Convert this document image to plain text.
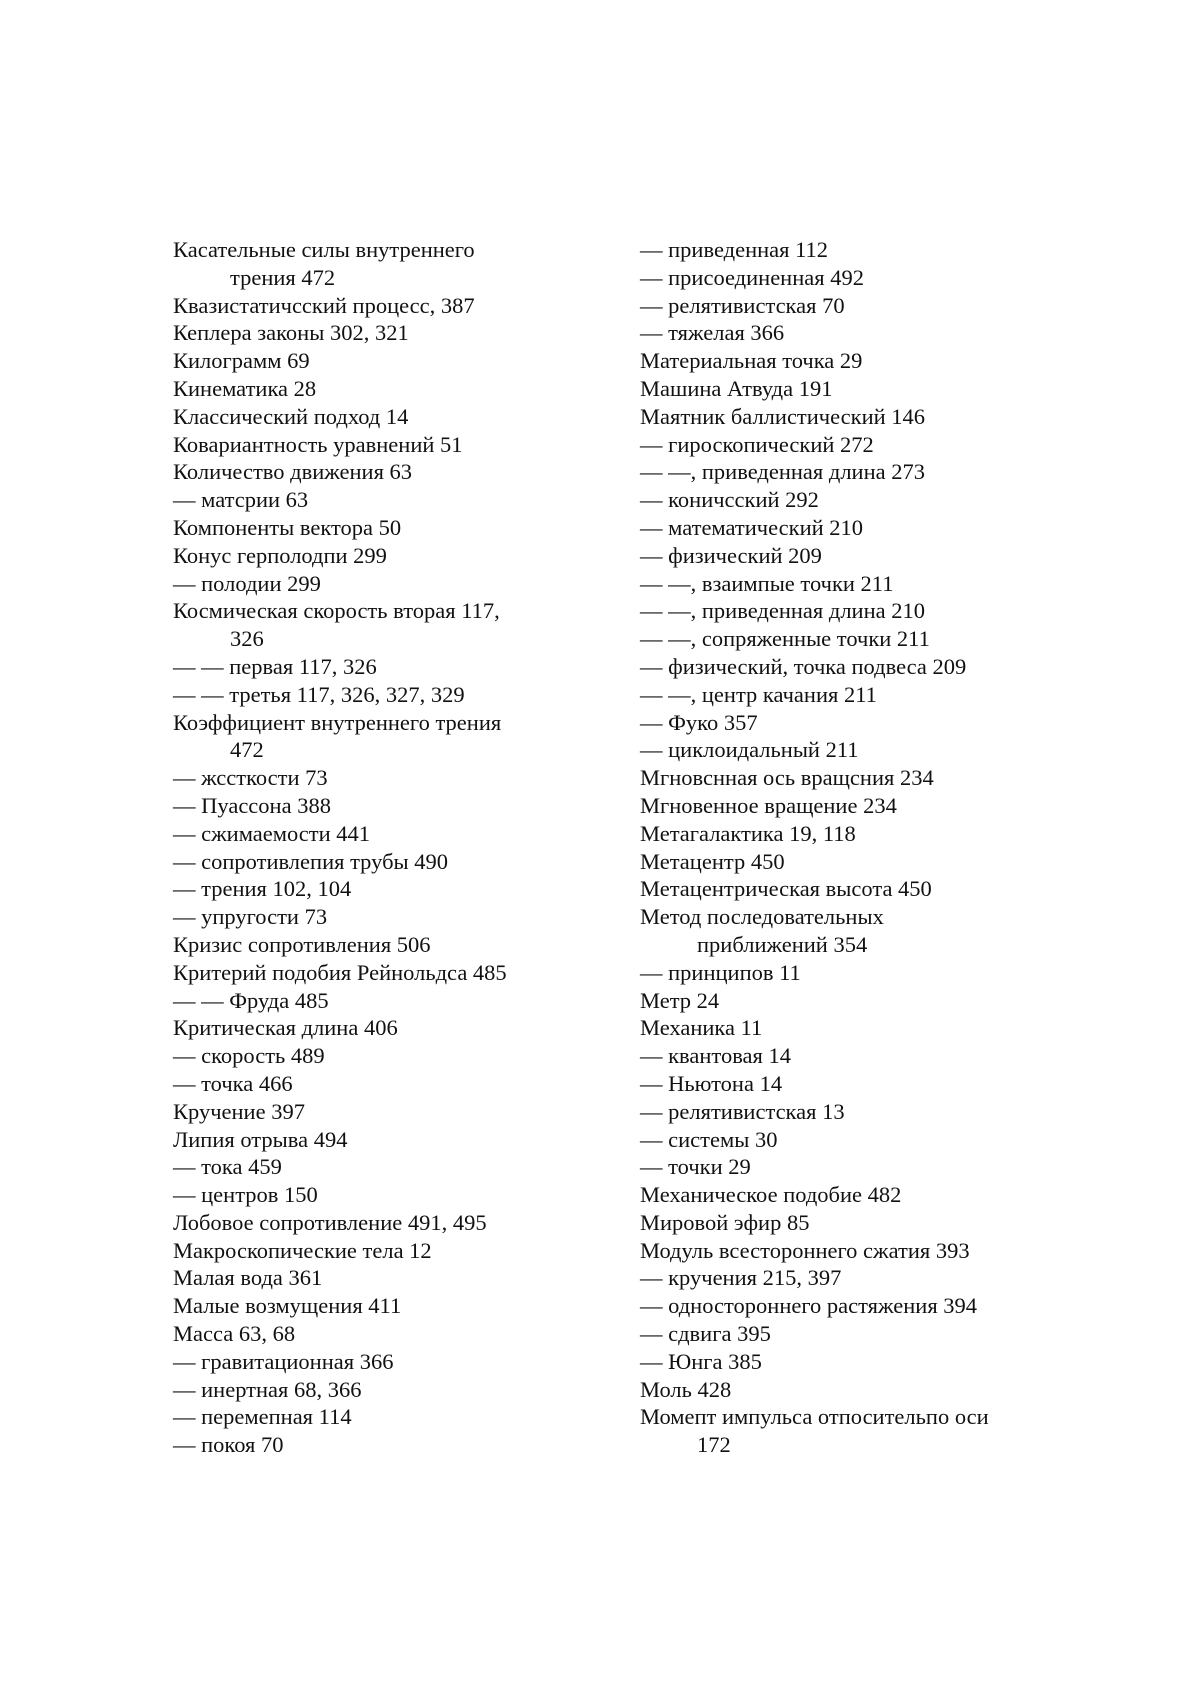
Касательные силы внутреннего
трения 472
Квазистатичсский процесс, 387
Кеплера законы 302, 321
Килограмм 69
Кинематика 28
Классический подход 14
Ковариантность уравнений 51
Количество движения 63
— матсрии 63
Компоненты вектора 50
Конус герполодпи 299
— полодии 299
Космическая скорость вторая 117,
326
— — первая 117, 326
— — третья 117, 326, 327, 329
Коэффициент внутреннего трения
472
— жссткости 73
— Пуассона 388
— сжимаемости 441
— сопротивлепия трубы 490
— трения 102, 104
— упругости 73
Кризис сопротивления 506
Критерий подобия Рейнольдса 485
— — Фруда 485
Критическая длина 406
— скорость 489
— точка 466
Кручение 397
Липия отрыва 494
— тока 459
— центров 150
Лобовое сопротивление 491, 495
Макроскопические тела 12
Малая вода 361
Малые возмущения 411
Масса 63, 68
— гравитационная 366
— инертная 68, 366
— перемепная 114
— покоя 70
— приведенная 112
— присоединенная 492
— релятивистская 70
— тяжелая 366
Материальная точка 29
Машина Атвуда 191
Маятник баллистический 146
— гироскопический 272
— —, приведенная длина 273
— коничсский 292
— математический 210
— физический 209
— —, взаимпые точки 211
— —, приведенная длина 210
— —, сопряженные точки 211
— физический, точка подвеса 209
— —, центр качания 211
— Фуко 357
— циклоидальный 211
Мгновснная ось вращсния 234
Мгновенное вращение 234
Метагалактика 19, 118
Метацентр 450
Метацентрическая высота 450
Метод последовательных
приближений 354
— принципов 11
Метр 24
Механика 11
— квантовая 14
— Ньютона 14
— релятивистская 13
— системы 30
— точки 29
Механическое подобие 482
Мировой эфир 85
Модуль всестороннего сжатия 393
— кручения 215, 397
— одностороннего растяжения 394
— сдвига 395
— Юнга 385
Моль 428
Момепт импульса отпосительпо оси
172
